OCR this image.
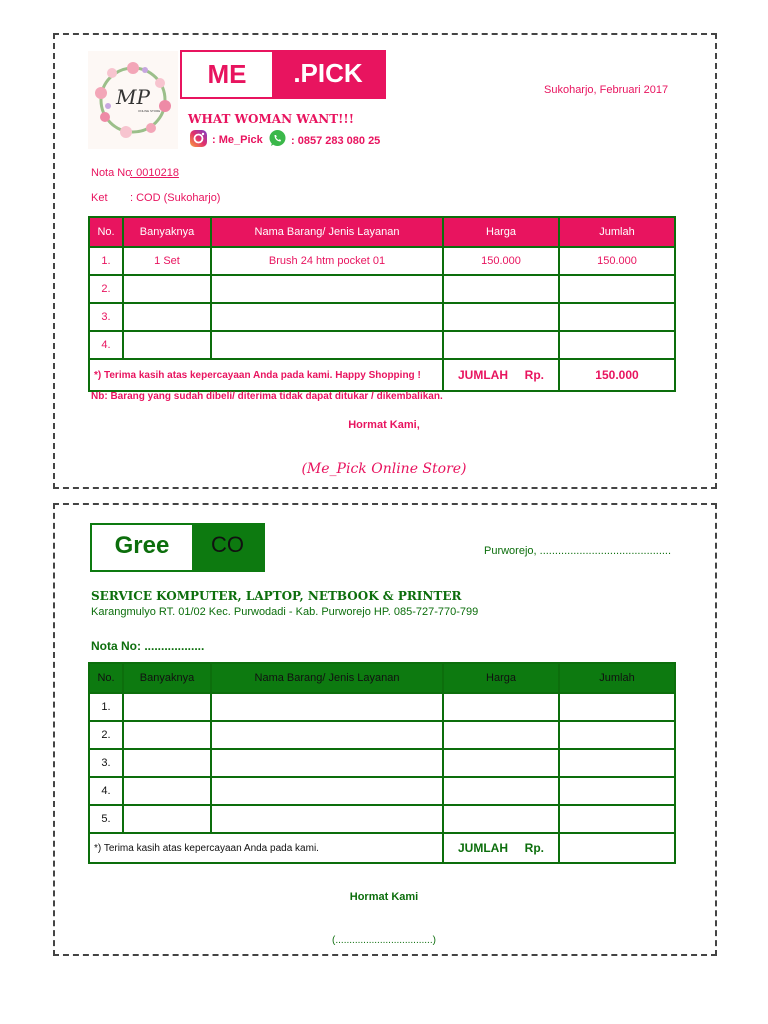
MP
ONLINE STORE
ME	.PICK
WHAT WOMAN WANT!!!
: Me_Pick	: 0857 283 080 25
Sukoharjo, Februari 2017
Nota No
: 0010218
Ket : COD (Sukoharjo)
No.	Banyaknya	Nama Barang/ Jenis Layanan	Harga	Jumlah
1.	1 Set	Brush 24 htm pocket 01	150.000	150.000
2.				
3.				
4.				
*) Terima kasih atas kepercayaan Anda pada kami. Happy Shopping !			JUMLAH     Rp.	150.000
Nb: Barang yang sudah dibeli/ diterima tidak dapat ditukar / dikembalikan.
Hormat Kami,
(Me_Pick Online Store)
Gree	CO	Purworejo, ...........................................
SERVICE KOMPUTER, LAPTOP, NETBOOK & PRINTER
Karangmulyo RT. 01/02 Kec. Purwodadi - Kab. Purworejo HP. 085-727-770-799
Nota No: ..................
No.	Banyaknya	Nama Barang/ Jenis Layanan	Harga	Jumlah
1.				
2.				
3.				
4.				
5.				
*) Terima kasih atas kepercayaan Anda pada kami.			JUMLAH     Rp.	
Hormat Kami
(...................................)
